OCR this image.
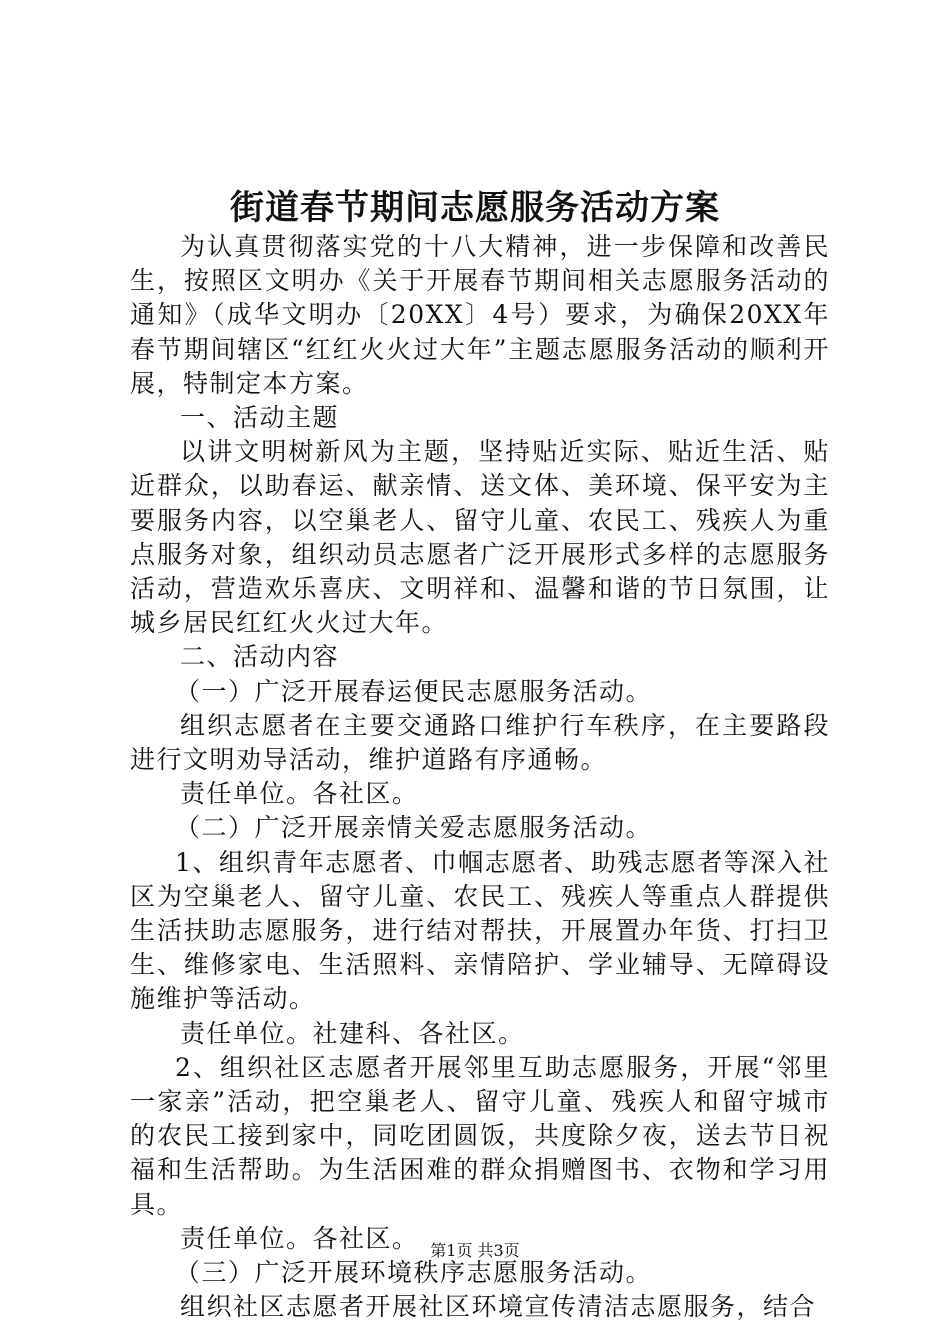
街道春节期间志愿服务活动方案

为认真贯彻落实党的十八大精神，进一步保障和改善民生，按照区文明办《关于开展春节期间相关志愿服务活动的通知》（成华文明办〔20XX〕4号）要求，为确保20XX年春节期间辖区“红红火火过大年”主题志愿服务活动的顺利开展，特制定本方案。

一、活动主题

以讲文明树新风为主题，坚持贴近实际、贴近生活、贴近群众，以助春运、献亲情、送文体、美环境、保平安为主要服务内容，以空巢老人、留守儿童、农民工、残疾人为重点服务对象，组织动员志愿者广泛开展形式多样的志愿服务活动，营造欢乐喜庆、文明祥和、温馨和谐的节日氛围，让城乡居民红红火火过大年。

二、活动内容

（一）广泛开展春运便民志愿服务活动。

组织志愿者在主要交通路口维护行车秩序，在主要路段进行文明劝导活动，维护道路有序通畅。

责任单位。各社区。

（二）广泛开展亲情关爱志愿服务活动。

1、组织青年志愿者、巾帼志愿者、助残志愿者等深入社区为空巢老人、留守儿童、农民工、残疾人等重点人群提供生活扶助志愿服务，进行结对帮扶，开展置办年货、打扫卫生、维修家电、生活照料、亲情陪护、学业辅导、无障碍设施维护等活动。

责任单位。社建科、各社区。

2、组织社区志愿者开展邻里互助志愿服务，开展“邻里一家亲”活动，把空巢老人、留守儿童、残疾人和留守城市的农民工接到家中，同吃团圆饭，共度除夕夜，送去节日祝福和生活帮助。为生活困难的群众捐赠图书、衣物和学习用具。

责任单位。各社区。

（三）广泛开展环境秩序志愿服务活动。

组织社区志愿者开展社区环境宣传清洁志愿服务，结合

第1页 共3页
